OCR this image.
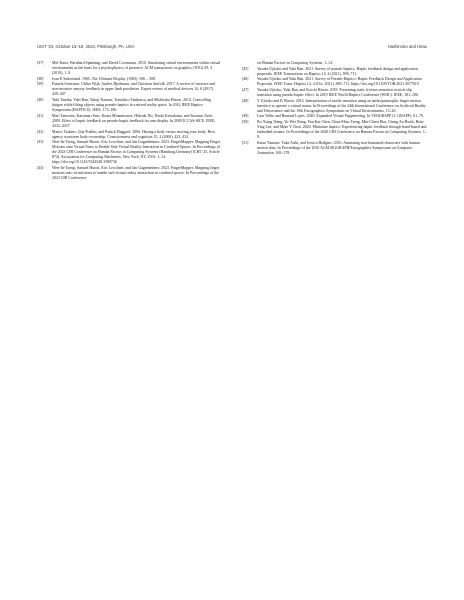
UIST ’24, October 13–16, 2024, Pittsburgh, PA, USA	Hashimoto and Hirao
[37]	Mel Slater, Bernhard Spanlang, and David Corominas. 2010. Simulating virtual environments within virtual environments as the basis for a psychophysics of presence. ACM transactions on graphics (TOG) 29, 4 (2010), 1–9.
[38]	Ivan E Sutherland. 1965. The Ultimate Display. (1965), 506 – 508.
[39]	Pamela Svensson, Ulrika Wijk, Anders Björkman, and Christian Antfolk. 2017. A review of invasive and non-invasive sensory feedback in upper limb prostheses. Expert review of medical devices 14, 6 (2017), 439–447.
[40]	Yuki Tanaka, Yuki Ban, Takuji Narumi, Tomohiro Tanikawa, and Michitaka Hirose. 2014. Controlling fatigue while lifting objects using pseudo-haptics in a mixed reality space. In 2014 IEEE Haptics Symposium (HAPTICS). IEEE, 175–180.
[41]	Mari Tatezono, Katsunari Sato, Kouta Minamizawa, Hideaki Nii, Naoki Kawakami, and Susumu Tachi. 2009. Effect of haptic feedback on pseudo-haptic feedback for arm display. In 2009 ICCAS-SICE. IEEE, 4332–4337.
[42]	Manos Tsakiris, Gita Prabhu, and Patrick Haggard. 2006. Having a body versus moving your body: How agency structures body-ownership. Consciousness and cognition 15, 2 (2006), 423–432.
[43]	Wen-Jie Tseng, Samuel Huron, Eric Lecolinet, and Jan Gugenheimer. 2023. FingerMapper: Mapping Finger Motions onto Virtual Arms to Enable Safe Virtual Reality Interaction in Confined Spaces. In Proceedings of the 2023 CHI Conference on Human Factors in Computing Systems (Hamburg,Germany) (CHI ’23, Article 874). Association for Computing Machinery, New York, NY, USA, 1–14. https://doi.org/10.1145/3544548.3580736
[44]	Wen-Jie Tseng, Samuel Huron, Eric Lecolinet, and Jan Gugenheimer. 2023. FingerMapper: Mapping finger motions onto virtual arms to enable safe virtual reality interaction in confined spaces. In Proceedings of the 2023 CHI Conference
on Human Factors in Computing Systems. 1–14.
[45]	Yusuke Ujitoko and Yuki Ban. 2021. Survey of pseudo-haptics: Haptic feedback design and application proposals. IEEE Transactions on Haptics 14, 4 (2021), 699–711.
[46]	Yusuke Ujitoko and Yuki Ban. 2021. Survey of Pseudo-Haptics: Haptic Feedback Design and Application Proposals. IEEE Trans. Haptics 14, 4 (Oct. 2021), 699–711. https://doi.org/10.1109/TOH.2021.3077619
[47]	Yusuke Ujitoko, Yuki Ban, and Koichi Hirota. 2019. Presenting static friction sensation at stick-slip transition using pseudo-haptic effect. In 2019 IEEE World Haptics Conference (WHC). IEEE, 181–186.
[48]	Y Ujitoko and K Hirota. 2014. Interpretation of tactile sensation using an anthropomorphic finger motion interface to operate a virtual avatar. In Proceedings of the 24th International Conference on Artificial Reality and Telexistence and the 19th Eurographics Symposium on Virtual Environments. 15–20.
[49]	Luiz Velho and Bernard Lopes. 2020. Expanded Virtual Puppeteering. In VISIGRAPP (1: GRAPP). 61–79.
[50]	Bo-Xiang Wang, Yu-Wei Wang, Yen-Kai Chen, Chun-Miao Tseng, Min-Chien Hsu, Cheng An Hsieh, Hsin-Ying Lee, and Mike Y Chen. 2020. Miniature haptics: Experiencing haptic feedback through hand-based and embodied avatars. In Proceedings of the 2020 CHI Conference on Human Factors in Computing Systems. 1–8.
[51]	Katsu Yamane, Yuka Ariki, and Jessica Hodgins. 2010. Animating non-humanoid characters with human motion data. In Proceedings of the 2010 ACM SIGGRAPH/Eurographics Symposium on Computer Animation. 169–178.
